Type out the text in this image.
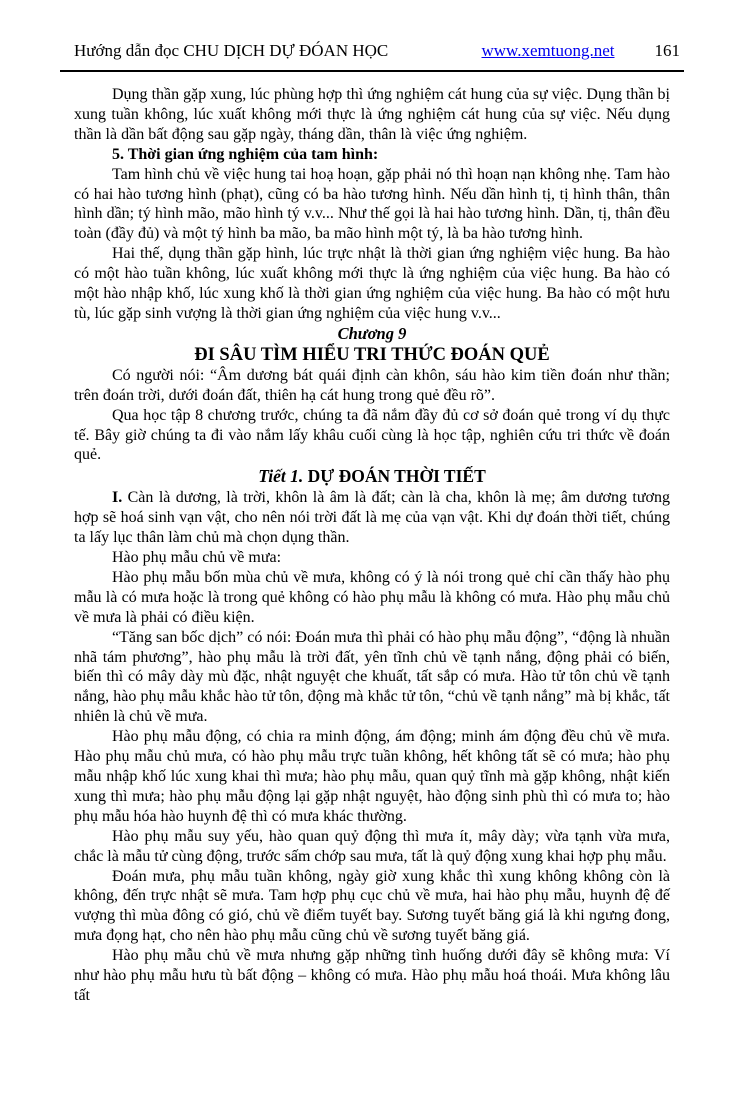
Hướng dẫn đọc CHU DỊCH DỰ ĐÓAN HỌC	www.xemtuong.net 161

Dụng thần gặp xung, lúc phùng hợp thì ứng nghiệm cát hung của sự việc. Dụng thần bị xung tuần không, lúc xuất không mới thực là ứng nghiệm cát hung của sự việc. Nếu dụng thần là dần bất động sau gặp ngày, tháng dần, thân là việc ứng nghiệm.

5. Thời gian ứng nghiệm của tam hình:

Tam hình chủ về việc hung tai hoạ hoạn, gặp phải nó thì hoạn nạn không nhẹ. Tam hào có hai hào tương hình (phạt), cũng có ba hào tương hình. Nếu dần hình tị, tị hình thân, thân hình dần; tý hình mão, mão hình tý v.v... Như thế gọi là hai hào tương hình. Dần, tị, thân đều toàn (đầy đủ) và một tý hình ba mão, ba mão hình một tý, là ba hào tương hình.

Hai thế, dụng thần gặp hình, lúc trực nhật là thời gian ứng nghiệm việc hung. Ba hào có một hào tuần không, lúc xuất không mới thực là ứng nghiệm của việc hung. Ba hào có một hào nhập khố, lúc xung khố là thời gian ứng nghiệm của việc hung. Ba hào có một hưu tù, lúc gặp sinh vượng là thời gian ứng nghiệm của việc hung v.v...

Chương 9

ĐI SÂU TÌM HIỂU TRI THỨC ĐOÁN QUẺ

Có người nói: “Âm dương bát quái định càn khôn, sáu hào kim tiền đoán như thần; trên đoán trời, dưới đoán đất, thiên hạ cát hung trong quẻ đều rõ”.

Qua học tập 8 chương trước, chúng ta đã nắm đầy đủ cơ sở đoán quẻ trong ví dụ thực tế. Bây giờ chúng ta đi vào nắm lấy khâu cuối cùng là học tập, nghiên cứu tri thức về đoán quẻ.

Tiết 1. DỰ ĐOÁN THỜI TIẾT

I. Càn là dương, là trời, khôn là âm là đất; càn là cha, khôn là mẹ; âm dương tương hợp sẽ hoá sinh vạn vật, cho nên nói trời đất là mẹ của vạn vật. Khi dự đoán thời tiết, chúng ta lấy lục thân làm chủ mà chọn dụng thần.

Hào phụ mẫu chủ về mưa:

Hào phụ mẫu bốn mùa chủ về mưa, không có ý là nói trong quẻ chỉ cần thấy hào phụ mẫu là có mưa hoặc là trong quẻ không có hào phụ mẫu là không có mưa. Hào phụ mẫu chủ về mưa là phải có điều kiện.

“Tăng san bốc dịch” có nói: Đoán mưa thì phải có hào phụ mẫu động”, “động là nhuần nhã tám phương”, hào phụ mẫu là trời đất, yên tĩnh chủ về tạnh nắng, động phải có biến, biến thì có mây dày mù đặc, nhật nguyệt che khuất, tất sắp có mưa. Hào tử tôn chủ về tạnh nắng, hào phụ mẫu khắc hào tử tôn, động mà khắc tử tôn, “chủ về tạnh nắng” mà bị khắc, tất nhiên là chủ về mưa.

Hào phụ mẫu động, có chia ra minh động, ám động; minh ám động đều chủ về mưa. Hào phụ mẫu chủ mưa, có hào phụ mẫu trực tuần không, hết không tất sẽ có mưa; hào phụ mẫu nhập khố lúc xung khai thì mưa; hào phụ mẫu, quan quỷ tĩnh mà gặp không, nhật kiến xung thì mưa; hào phụ mẫu động lại gặp nhật nguyệt, hào động sinh phù thì có mưa to; hào phụ mẫu hóa hào huynh đệ thì có mưa khác thường.

Hào phụ mẫu suy yếu, hào quan quỷ động thì mưa ít, mây dày; vừa tạnh vừa mưa, chắc là mẫu tử cùng động, trước sấm chớp sau mưa, tất là quỷ động xung khai hợp phụ mẫu.

Đoán mưa, phụ mẫu tuần không, ngày giờ xung khắc thì xung không không còn là không, đến trực nhật sẽ mưa. Tam hợp phụ cục chủ về mưa, hai hào phụ mẫu, huynh đệ đế vượng thì mùa đông có gió, chủ về điểm tuyết bay. Sương tuyết băng giá là khi ngưng đong, mưa đọng hạt, cho nên hào phụ mẫu cũng chủ về sương tuyết băng giá.

Hào phụ mẫu chủ về mưa nhưng gặp những tình huống dưới đây sẽ không mưa: Ví như hào phụ mẫu hưu tù bất động – không có mưa. Hào phụ mẫu hoá thoái. Mưa không lâu tất
